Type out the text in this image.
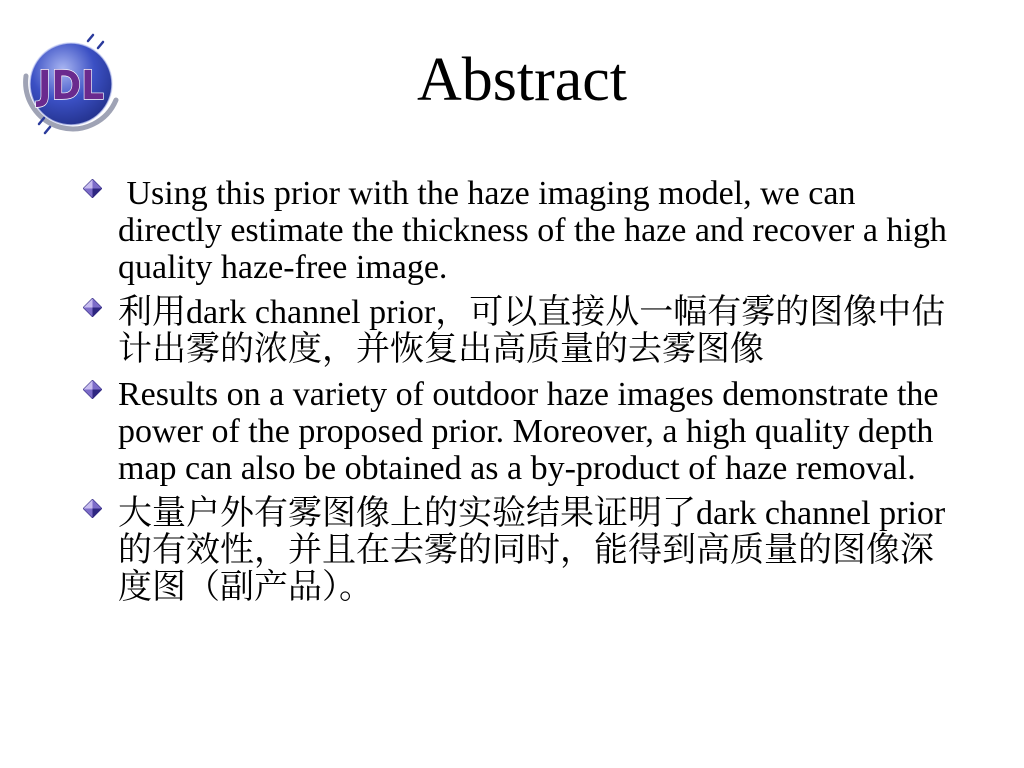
JDL	Abstract
Using this prior with the haze imaging model, we can
directly estimate the thickness of the haze and recover a high
quality haze-free image.
利用dark channel prior，可以直接从一幅有雾的图像中估
计出雾的浓度，并恢复出高质量的去雾图像
Results on a variety of outdoor haze images demonstrate the
power of the proposed prior. Moreover, a high quality depth
map can also be obtained as a by-product of haze removal.
大量户外有雾图像上的实验结果证明了dark channel prior
的有效性，并且在去雾的同时，能得到高质量的图像深
度图（副产品）。
